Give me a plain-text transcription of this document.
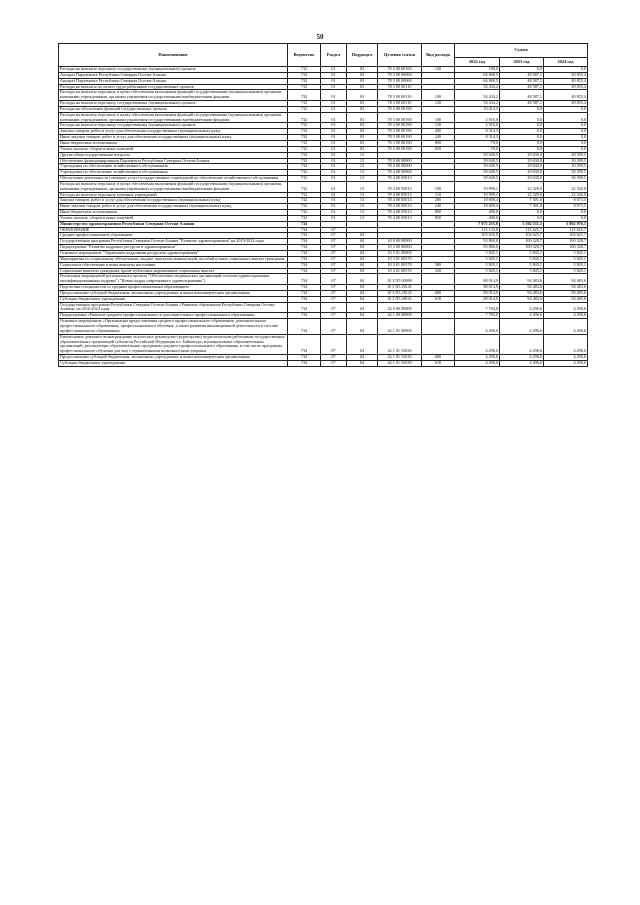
50
Наименование	Ведомство	Раздел	Подраздел	Целевая статья	Вид расхода	Сумма		
						2022 год	2023 год	2024 год
Расходы на выплаты персоналу государственных (муниципальных) органов	732	01	03	78 2 00 00160	120	180,0	0,0	0,0
Аппарат Парламента Республики Северная Осетия-Алания	732	01	03	78 3 00 00000		64 868,5	48 587,1	49 855,4
Аппарат Парламента Республики Северная Осетия-Алания	732	01	03	78 3 00 00000		64 868,5	48 587,1	49 855,4
Расходы на выплаты по оплате труда работников государственных органов	732	01	03	78 3 00 00110		54 434,2	48 587,1	49 855,4
Расходы на выплаты персоналу в целях обеспечения выполнения функций государственными (муниципальными) органами, казенными учреждениями, органами управления государственными внебюджетными фондами	732	01	03	78 3 00 00110	100	54 434,2	48 587,1	49 855,4
Расходы на выплаты персоналу государственных (муниципальных) органов	732	01	03	78 3 00 00110	120	54 434,2	48 587,1	49 855,4
Расходы на обеспечение функций государственных органов	732	01	03	78 3 00 00190		10 414,3	0,0	0,0
Расходы на выплаты персоналу в целях обеспечения выполнения функций государственными (муниципальными) органами, казенными учреждениями, органами управления государственными внебюджетными фондами	732	01	03	78 3 00 00190	100	2 016,0	0,0	0,0
Расходы на выплаты персоналу государственных (муниципальных) органов	732	01	03	78 3 00 00190	120	2 016,0	0,0	0,0
Закупка товаров, работ и услуг для обеспечения государственных (муниципальных) нужд	732	01	03	78 3 00 00190	200	8 314,3	0,0	0,0
Иные закупки товаров, работ и услуг для обеспечения государственных (муниципальных) нужд	732	01	03	78 3 00 00190	240	8 314,3	0,0	0,0
Иные бюджетные ассигнования	732	01	03	78 3 00 00190	800	70,0	0,0	0,0
Уплата налогов, сборов и иных платежей	732	01	03	78 3 00 00190	850	70,0	0,0	0,0
Другие общегосударственные вопросы	732	01	13			39 040,5	29 630,0	30 399,5
Обеспечение функционирования Парламента Республики Северная Осетия-Алания	732	01	13	78 0 00 00000		39 040,5	29 630,0	30 399,5
Учреждения по обеспечению хозяйственного обслуживания	732	01	13	78 4 00 00000		39 040,5	29 630,0	30 399,5
Учреждения по обеспечению хозяйственного обслуживания	732	01	13	78 4 00 00000		39 040,5	29 630,0	30 399,5
Обеспечение деятельности (оказание услуг) государственных учреждений по обеспечению хозяйственного обслуживания	732	01	13	78 4 00 05013		39 040,5	29 630,0	30 399,5
Расходы на выплаты персоналу в целях обеспечения выполнения функций государственными (муниципальными) органами, казенными учреждениями, органами управления государственными внебюджетными фондами	732	01	13	78 4 00 05013	100	19 999,1	22 329,0	22 326,0
Расходы на выплаты персоналу казенных учреждений	732	01	13	78 4 00 05013	110	19 999,1	22 329,0	22 326,0
Закупка товаров, работ и услуг для обеспечения государственных (муниципальных) нужд	732	01	13	78 4 00 05013	200	18 609,4	7 301,0	8 073,5
Иные закупки товаров, работ и услуг для обеспечения государственных (муниципальных) нужд	732	01	13	78 4 00 05013	240	18 609,4	7 301,0	8 073,5
Иные бюджетные ассигнования	732	01	13	78 4 00 05013	800	400,0	0,0	0,0
Уплата налогов, сборов и иных платежей	732	01	13	78 4 00 05013	850	400,0	0,0	0,0
Министерство здравоохранения Республики Северная Осетия-Алания	734					7 075 255,8	5 562 511,3	5 802 976,3
ОБРАЗОВАНИЕ	734	07				113 143,8	113 625,7	113 625,7
Среднее профессиональное образование	734	07	04			103 635,9	104 625,7	104 625,7
Государственная программа Республики Северная Осетия-Алания "Развитие здравоохранения" на 2019-2024 годы	734	07	04	10 0 00 00000		93 860,0	100 328,7	100 328,7
Подпрограмма "Развитие кадровых ресурсов в здравоохранении"	734	07	04	10 3 00 00000		93 860,0	100 328,7	100 328,7
Основное мероприятие "Управление кадровыми ресурсами здравоохранения"	734	07	04	10 3 01 00000		5 845,1	5 845,1	5 845,1
Мероприятия по социальному обеспечению, выдаче, выплатам компенсаций, пособий и иных социальных выплат гражданам	734	07	04	10 3 01 00570		5 845,1	5 845,1	5 845,1
Социальное обеспечение и иные выплаты населению	734	07	04	10 3 01 00570	300	5 845,1	5 845,1	5 845,1
Социальные выплаты гражданам, кроме публичных нормативных социальных выплат	734	07	04	10 3 01 00570	320	5 845,1	5 845,1	5 845,1
Реализация мероприятий регионального проекта "Обеспечение медицинских организаций системы здравоохранения квалифицированными кадрами" ("Новые кадры современного здравоохранения")	734	07	04	10 3 N5 00000		88 014,9	94 483,6	94 483,6
Подготовка специалистов со средним профессиональным образованием	734	07	04	10 3 N5 28141		88 014,9	94 483,6	94 483,6
Предоставление субсидий бюджетным, автономным учреждениям и иным некоммерческим организациям	734	07	04	10 3 N5 28141	600	88 014,9	94 483,6	94 483,6
Субсидии бюджетным учреждениям	734	07	04	10 3 N5 28141	610	88 014,9	94 483,6	94 483,6
Государственная программа Республики Северная Осетия-Алания «Развитие образования Республики Северная Осетия-Алания» на 2016-2024 годы	734	07	04	24 0 00 00000		7 784,0	4 296,6	4 296,6
Подпрограмма «Развитие среднего профессионального и дополнительного профессионального образования»	734	07	04	24 1 00 00000		7 784,0	4 296,6	4 296,6
Основное мероприятие «Организация предоставления среднего профессионального образования, дополнительного профессионального образования, профессионального обучения, а также развития инновационной деятельности в системе профессионального образования»	734	07	04	24 1 01 00000		4 296,6	4 296,6	4 296,6
Ежемесячное денежное вознаграждение за классное руководство (кураторство) педагогическим работникам государственных образовательных организаций субъектов Российской Федерации и г. Байконура, муниципальных образовательных организаций, реализующих образовательные программы среднего профессионального образования, в том числе программы профессионального обучения для лиц с ограниченными возможностями здоровья	734	07	04	24 1 01 53630		4 296,6	4 296,6	4 296,6
Предоставление субсидий бюджетным, автономным учреждениям и иным некоммерческим организациям	734	07	04	24 1 01 53630	600	4 296,6	4 296,6	4 296,6
Субсидии бюджетным учреждениям	734	07	04	24 1 01 53630	610	4 296,6	4 296,6	4 296,6
